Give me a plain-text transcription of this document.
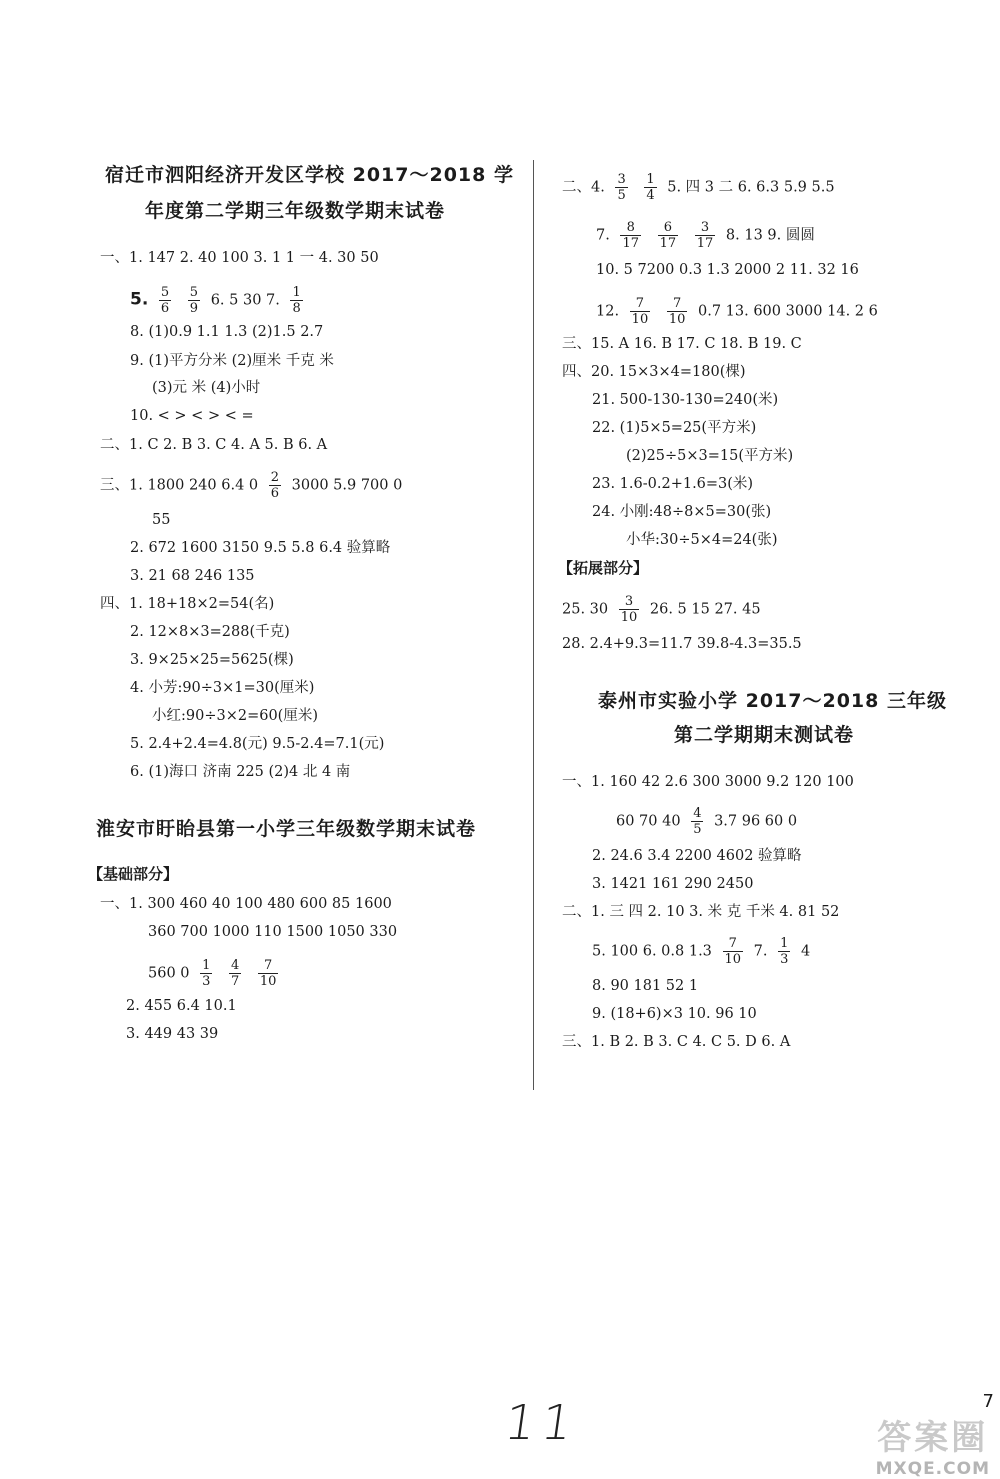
宿迁市泗阳经济开发区学校 2017～2018 学
年度第二学期三年级数学期末试卷
一、1. 147 2. 40 100 3. 1 1 一 4. 30 50
5. $\frac{5}{6}$
$\frac{5}{9} 6$. 5 30 7. $\frac{1}{8}$
8. (1)0.9 1.1 1.3 (2)1.5 2.7
9. (1)平方分米 (2)厘米 千克 米
(3)元 米 (4)小时
10. < > < > < =
二、1. C 2. B 3. C 4. A 5. B 6. A
三、1. 1800 240 6.4 $0 \frac{2}{6} 3000$ 5.9 700 0
55
2. 672 1600 3150 9.5 5.8 6.4 验算略
3. 21 68 246 135
四、1. 18+18×2=54(名)
2. 12×8×3=288(千克)
3. 9×25×25=5625(棵)
4. 小芳:90÷3×1=30(厘米)
小红:90÷3×2=60(厘米)
5. 2.4+2.4=4.8(元) 9.5-2.4=7.1(元)
6. (1)海口 济南 225 (2)4 北 4 南
淮安市盱眙县第一小学三年级数学期末试卷
【基础部分】
一、1. 300 460 40 100 480 600 85 1600
360 700 1000 110 1500 1050 330
560 $0 \frac{1}{3}$
$\frac{4}{7}$
$\frac{7}{10}$
2. 455 6.4 10.1
3. 449 43 39
二、4. $\frac{3}{5}$
$\frac{1}{4} 5$. 四 3 二 6. 6.3 5.9 5.5
7. $\frac{8}{17}$
$\frac{6}{17}$
$\frac{3}{17} 8$. 13 9. 圆圆
10. 5 7200 0.3 1.3 2000 2 11. 32 16
12. $\frac{7}{10}$
$\frac{7}{10} 0.7$ 13. 600 3000 14. 2 6
三、15. A 16. B 17. C 18. B 19. C
四、20. 15×3×4=180(棵)
21. 500-130-130=240(米)
22. (1)5×5=25(平方米)
(2)25÷5×3=15(平方米)
23. 1.6-0.2+1.6=3(米)
24. 小刚:48÷8×5=30(张)
小华:30÷5×4=24(张)
【拓展部分】
25. $30 \frac{3}{10} 26$. 5 15 27. 45
28. 2.4+9.3=11.7 39.8-4.3=35.5
泰州市实验小学 2017～2018 三年级
第二学期期末测试卷
一、1. 160 42 2.6 300 3000 9.2 120 100
60 70 $40 \frac{4}{5} 3.7$ 96 60 0
2. 24.6 3.4 2200 4602 验算略
3. 1421 161 290 2450
二、1. 三 四 2. 10 3. 米 克 千米 4. 81 52
5. 100 6. 0.8 $1.3 \frac{7}{10} 7$. $\frac{1}{3} 4$
8. 90 181 52 1
9. (18+6)×3 10. 96 10
三、1. B 2. B 3. C 4. C 5. D 6. A
11	7
答案圈
MXQE.COM
